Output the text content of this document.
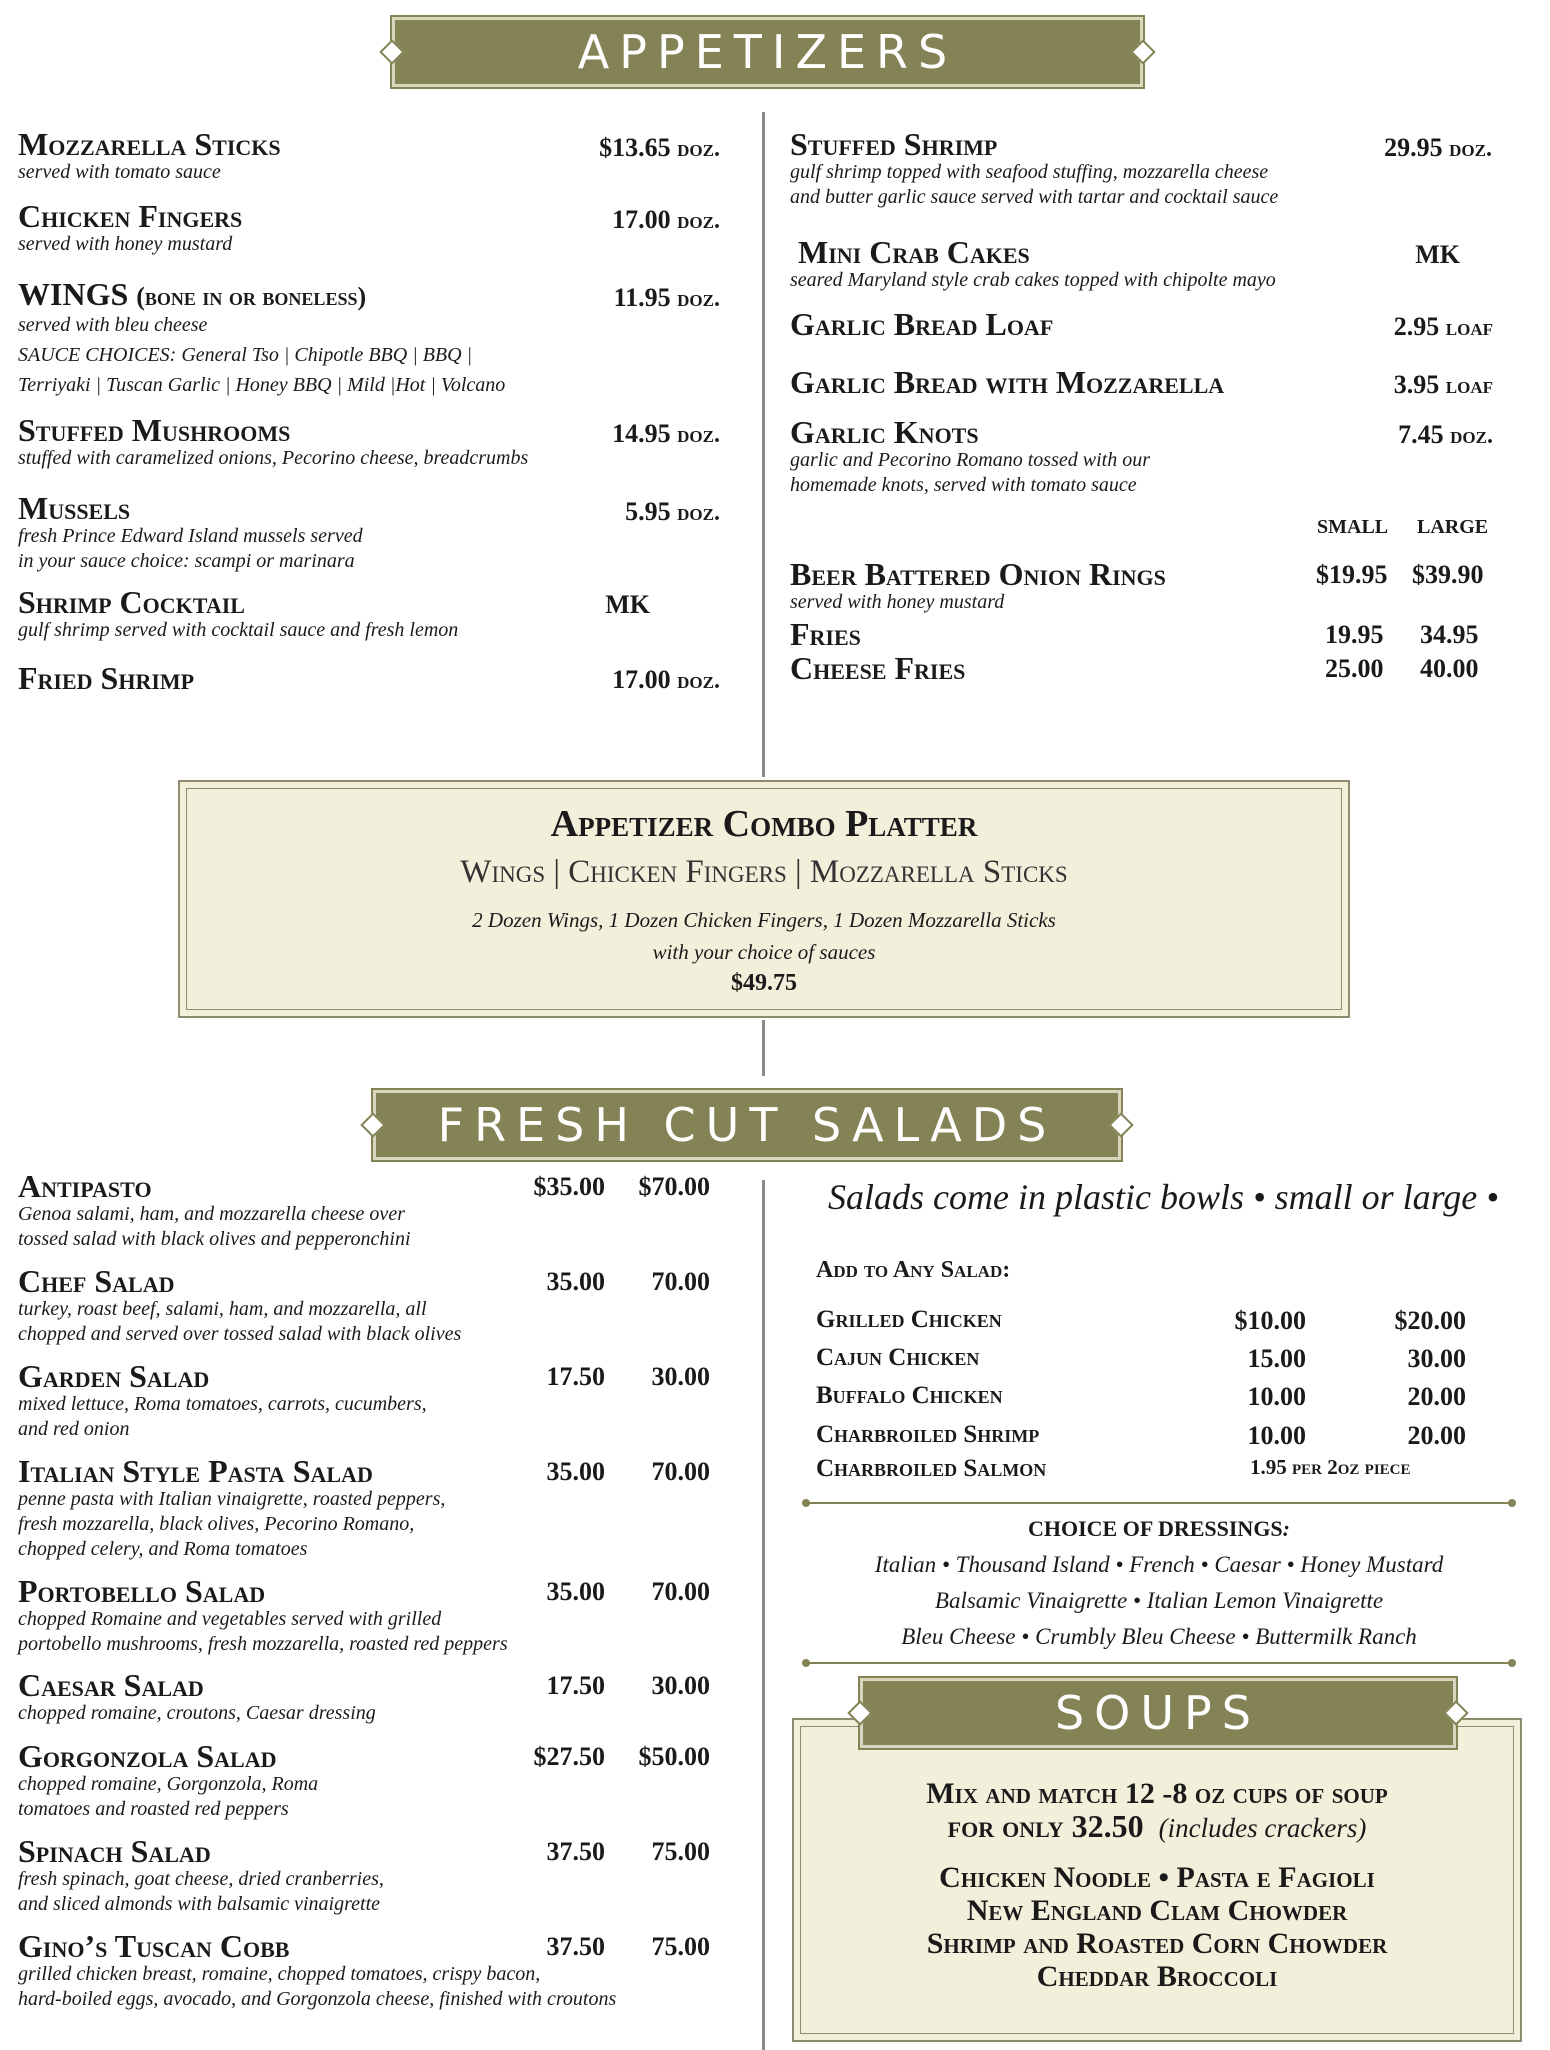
APPETIZERS
Mozzarella Sticks
served with tomato sauce
$13.65 doz.
Chicken Fingers
served with honey mustard
17.00 doz.
WINGS (bone in or boneless)
served with bleu cheese
SAUCE CHOICES: General Tso | Chipotle BBQ | BBQ |
Terriyaki | Tuscan Garlic | Honey BBQ | Mild |Hot | Volcano
11.95 doz.
Stuffed Mushrooms
stuffed with caramelized onions, Pecorino cheese, breadcrumbs
14.95 doz.
Mussels
fresh Prince Edward Island mussels served
in your sauce choice: scampi or marinara
5.95 doz.
Shrimp Cocktail
gulf shrimp served with cocktail sauce and fresh lemon
MK
Fried Shrimp	17.00 doz.
Stuffed Shrimp
gulf shrimp topped with seafood stuffing, mozzarella cheese
and butter garlic sauce served with tartar and cocktail sauce
29.95 doz.
Mini Crab Cakes
seared Maryland style crab cakes topped with chipolte mayo
MK
Garlic Bread Loaf	2.95 loaf
Garlic Bread with Mozzarella	3.95 loaf
Garlic Knots
garlic and Pecorino Romano tossed with our
homemade knots, served with tomato sauce
7.45 doz.
SMALL LARGE
Beer Battered Onion Rings
served with honey mustard
$19.95 $39.90
Fries	19.95 34.95
Cheese Fries	25.00 40.00
Appetizer Combo Platter
Wings | Chicken Fingers | Mozzarella Sticks
2 Dozen Wings, 1 Dozen Chicken Fingers, 1 Dozen Mozzarella Sticks
with your choice of sauces
$49.75
FRESH CUT SALADS
Antipasto
Genoa salami, ham, and mozzarella cheese over
tossed salad with black olives and pepperonchini
$35.00 $70.00
Chef Salad
turkey, roast beef, salami, ham, and mozzarella, all
chopped and served over tossed salad with black olives
35.00 70.00
Garden Salad
mixed lettuce, Roma tomatoes, carrots, cucumbers,
and red onion
17.50 30.00
Italian Style Pasta Salad
penne pasta with Italian vinaigrette, roasted peppers,
fresh mozzarella, black olives, Pecorino Romano,
chopped celery, and Roma tomatoes
35.00 70.00
Portobello Salad
chopped Romaine and vegetables served with grilled
portobello mushrooms, fresh mozzarella, roasted red peppers
35.00 70.00
Caesar Salad
chopped romaine, croutons, Caesar dressing
17.50 30.00
Gorgonzola Salad
chopped romaine, Gorgonzola, Roma
tomatoes and roasted red peppers
$27.50 $50.00
Spinach Salad
fresh spinach, goat cheese, dried cranberries,
and sliced almonds with balsamic vinaigrette
37.50 75.00
Gino’s Tuscan Cobb
grilled chicken breast, romaine, chopped tomatoes, crispy bacon,
hard-boiled eggs, avocado, and Gorgonzola cheese, finished with croutons
37.50 75.00
Salads come in plastic bowls • small or large •
Add to Any Salad:
Grilled Chicken	$10.00	$20.00
Cajun Chicken	15.00	30.00
Buffalo Chicken	10.00	20.00
Charbroiled Shrimp	10.00	20.00
Charbroiled Salmon	1.95 per 2oz piece
CHOICE OF DRESSINGS:
Italian • Thousand Island • French • Caesar • Honey Mustard
Balsamic Vinaigrette • Italian Lemon Vinaigrette
Bleu Cheese • Crumbly Bleu Cheese • Buttermilk Ranch
Mix and match 12 -8 oz cups of soup
for only 32.50 (includes crackers)
Chicken Noodle • Pasta e Fagioli
New England Clam Chowder
Shrimp and Roasted Corn Chowder
Cheddar Broccoli
SOUPS
